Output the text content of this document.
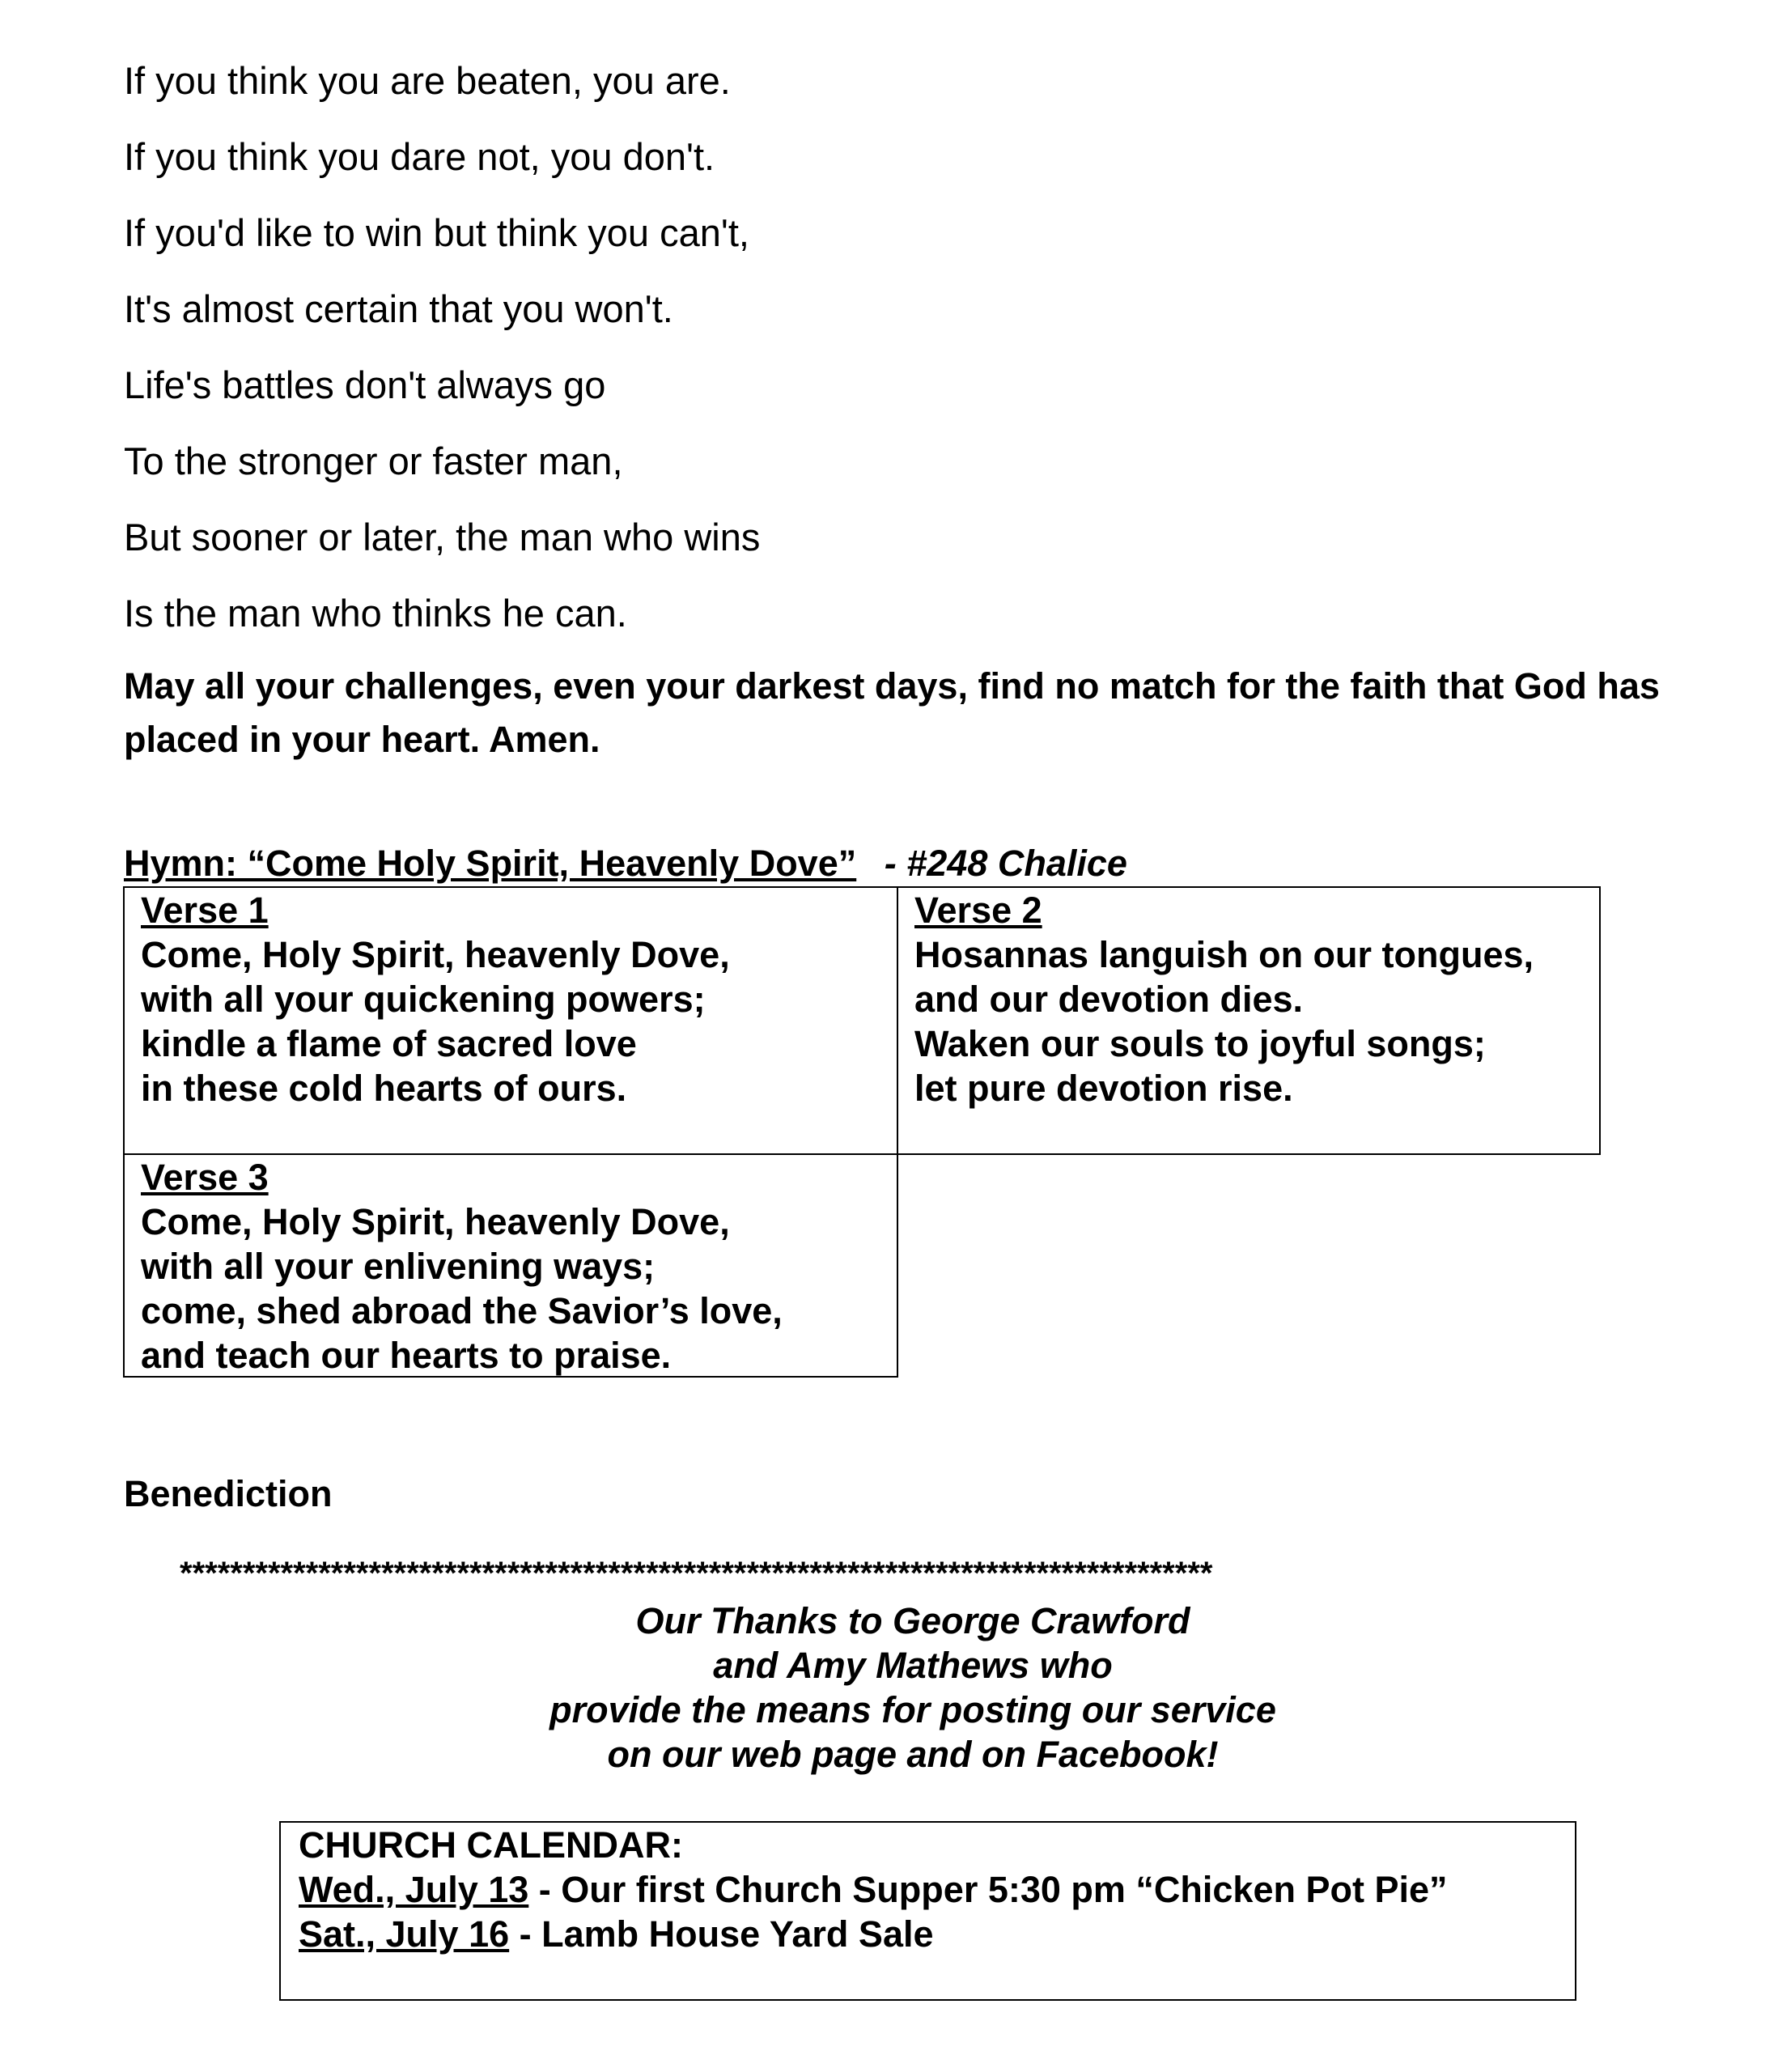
If you think you are beaten, you are.
If you think you dare not, you don't.
If you'd like to win but think you can't,
It's almost certain that you won't.
Life's battles don't always go
To the stronger or faster man,
But sooner or later, the man who wins
Is the man who thinks he can.
May all your challenges, even your darkest days, find no match for the faith that God has placed in your heart. Amen.
Hymn: “Come Holy Spirit, Heavenly Dove” - #248 Chalice
Verse 1
Come, Holy Spirit, heavenly Dove,
with all your quickening powers;
kindle a flame of sacred love
in these cold hearts of ours.
Verse 2
Hosannas languish on our tongues,
and our devotion dies.
Waken our souls to joyful songs;
let pure devotion rise.
Verse 3
Come, Holy Spirit, heavenly Dove,
with all your enlivening ways;
come, shed abroad the Savior’s love,
and teach our hearts to praise.
Benediction
**********************************************************************************
Our Thanks to George Crawford
and Amy Mathews who
provide the means for posting our service
on our web page and on Facebook!
CHURCH CALENDAR:
Wed., July 13 - Our first Church Supper 5:30 pm “Chicken Pot Pie”
Sat., July 16 - Lamb House Yard Sale
